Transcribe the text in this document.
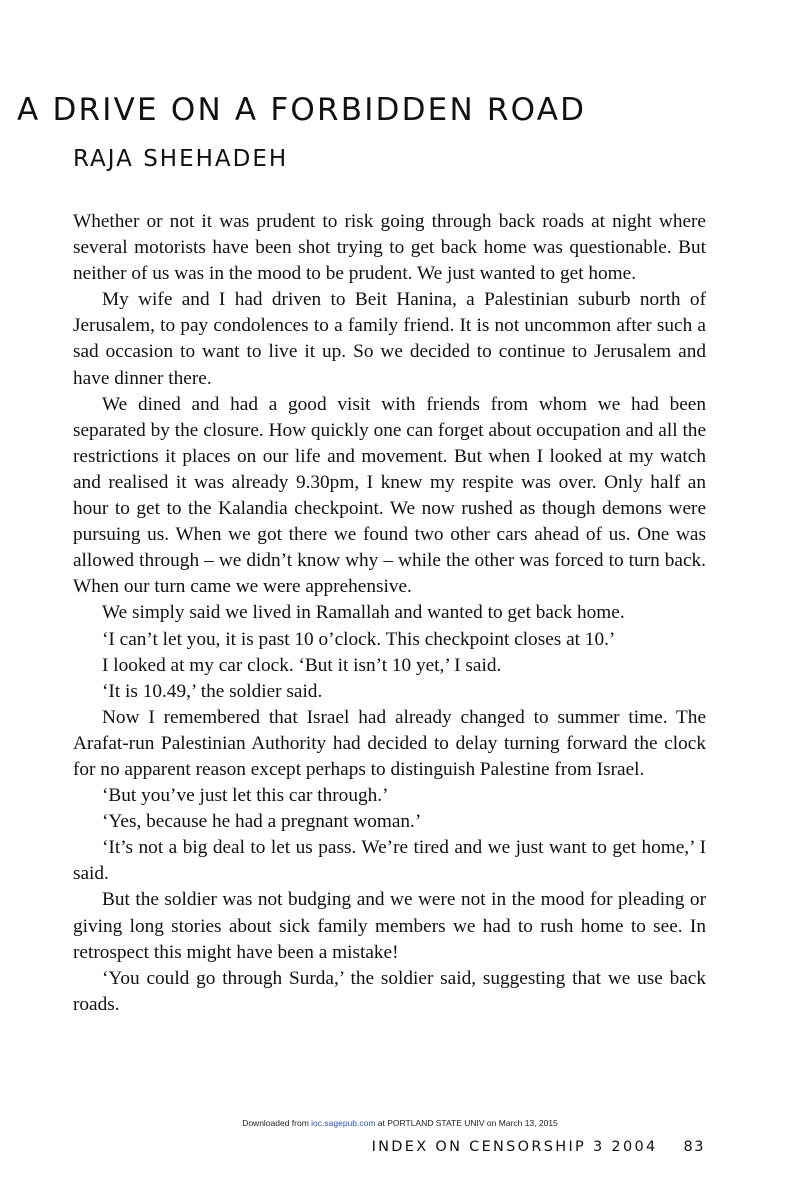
A DRIVE ON A FORBIDDEN ROAD
RAJA SHEHADEH

Whether or not it was prudent to risk going through back roads at night where several motorists have been shot trying to get back home was questionable. But neither of us was in the mood to be prudent. We just wanted to get home.

My wife and I had driven to Beit Hanina, a Palestinian suburb north of Jerusalem, to pay condolences to a family friend. It is not uncommon after such a sad occasion to want to live it up. So we decided to continue to Jerusalem and have dinner there.

We dined and had a good visit with friends from whom we had been separated by the closure. How quickly one can forget about occupation and all the restrictions it places on our life and movement. But when I looked at my watch and realised it was already 9.30pm, I knew my respite was over. Only half an hour to get to the Kalandia checkpoint. We now rushed as though demons were pursuing us. When we got there we found two other cars ahead of us. One was allowed through – we didn’t know why – while the other was forced to turn back. When our turn came we were apprehensive.

We simply said we lived in Ramallah and wanted to get back home.

‘I can’t let you, it is past 10 o’clock. This checkpoint closes at 10.’

I looked at my car clock. ‘But it isn’t 10 yet,’ I said.

‘It is 10.49,’ the soldier said.

Now I remembered that Israel had already changed to summer time. The Arafat-run Palestinian Authority had decided to delay turning forward the clock for no apparent reason except perhaps to distinguish Palestine from Israel.

‘But you’ve just let this car through.’

‘Yes, because he had a pregnant woman.’

‘It’s not a big deal to let us pass. We’re tired and we just want to get home,’ I said.

But the soldier was not budging and we were not in the mood for pleading or giving long stories about sick family members we had to rush home to see. In retrospect this might have been a mistake!

‘You could go through Surda,’ the soldier said, suggesting that we use back roads.

Downloaded from ioc.sagepub.com at PORTLAND STATE UNIV on March 13, 2015
INDEX ON CENSORSHIP 3 2004 83
